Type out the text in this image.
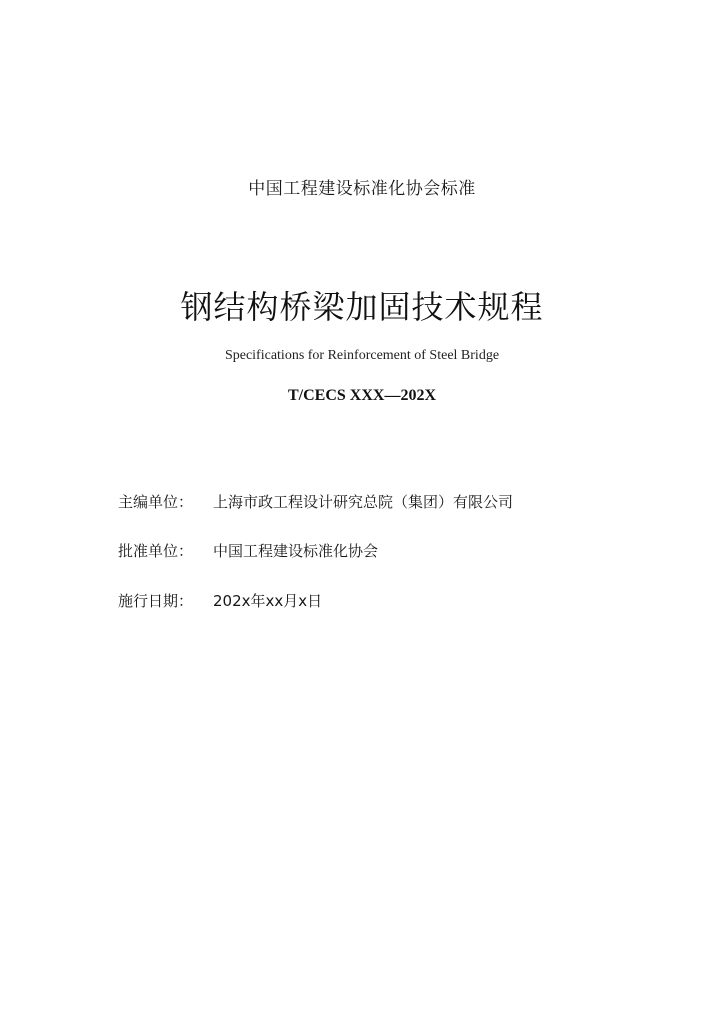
中国工程建设标准化协会标准
钢结构桥梁加固技术规程
Specifications for Reinforcement of Steel Bridge
T/CECS XXX—202X
主编单位： 上海市政工程设计研究总院（集团）有限公司
批准单位： 中国工程建设标准化协会
施行日期： 202x年xx月x日
